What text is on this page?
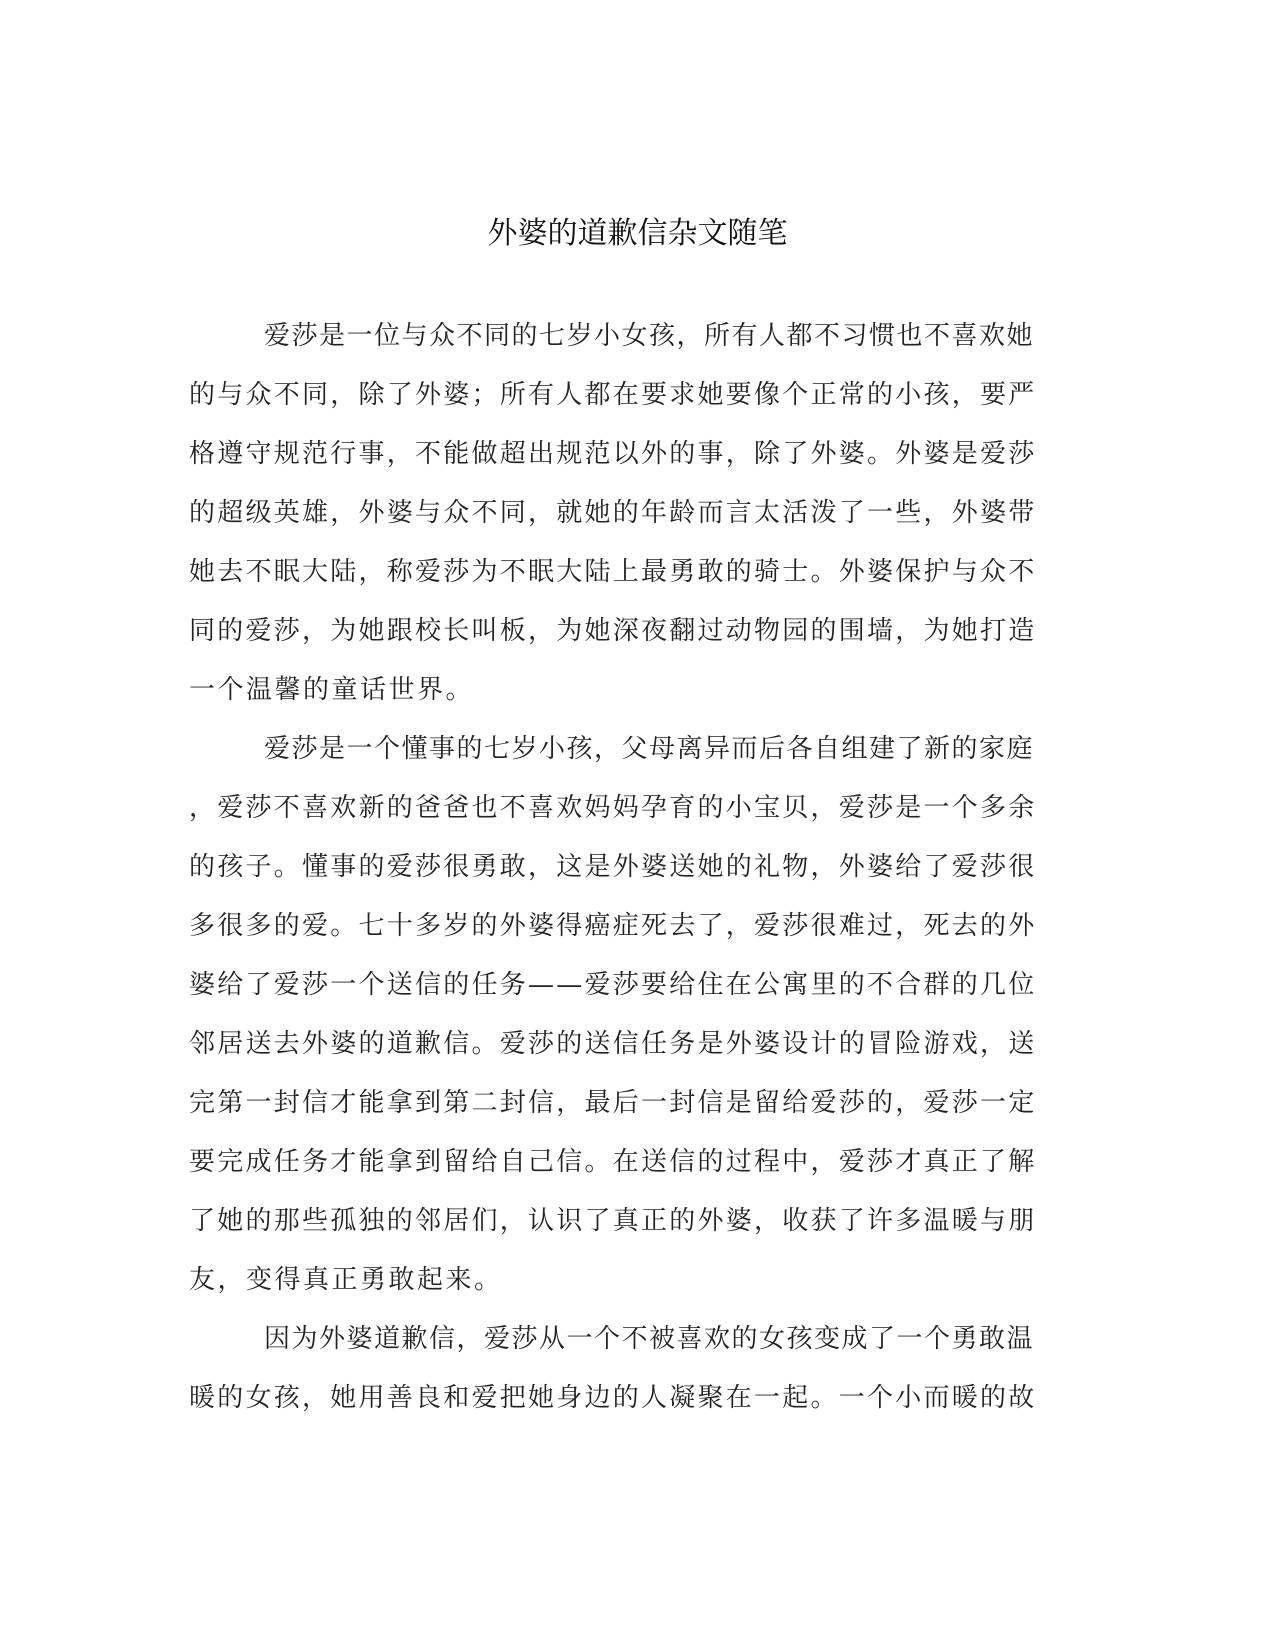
外婆的道歉信杂文随笔
爱莎是一位与众不同的七岁小女孩，所有人都不习惯也不喜欢她
的与众不同，除了外婆；所有人都在要求她要像个正常的小孩，要严
格遵守规范行事，不能做超出规范以外的事，除了外婆。外婆是爱莎
的超级英雄，外婆与众不同，就她的年龄而言太活泼了一些，外婆带
她去不眠大陆，称爱莎为不眠大陆上最勇敢的骑士。外婆保护与众不
同的爱莎，为她跟校长叫板，为她深夜翻过动物园的围墙，为她打造
一个温馨的童话世界。
爱莎是一个懂事的七岁小孩，父母离异而后各自组建了新的家庭
，爱莎不喜欢新的爸爸也不喜欢妈妈孕育的小宝贝，爱莎是一个多余
的孩子。懂事的爱莎很勇敢，这是外婆送她的礼物，外婆给了爱莎很
多很多的爱。七十多岁的外婆得癌症死去了，爱莎很难过，死去的外
婆给了爱莎一个送信的任务——爱莎要给住在公寓里的不合群的几位
邻居送去外婆的道歉信。爱莎的送信任务是外婆设计的冒险游戏，送
完第一封信才能拿到第二封信，最后一封信是留给爱莎的，爱莎一定
要完成任务才能拿到留给自己信。在送信的过程中，爱莎才真正了解
了她的那些孤独的邻居们，认识了真正的外婆，收获了许多温暖与朋
友，变得真正勇敢起来。
因为外婆道歉信，爱莎从一个不被喜欢的女孩变成了一个勇敢温
暖的女孩，她用善良和爱把她身边的人凝聚在一起。一个小而暖的故
